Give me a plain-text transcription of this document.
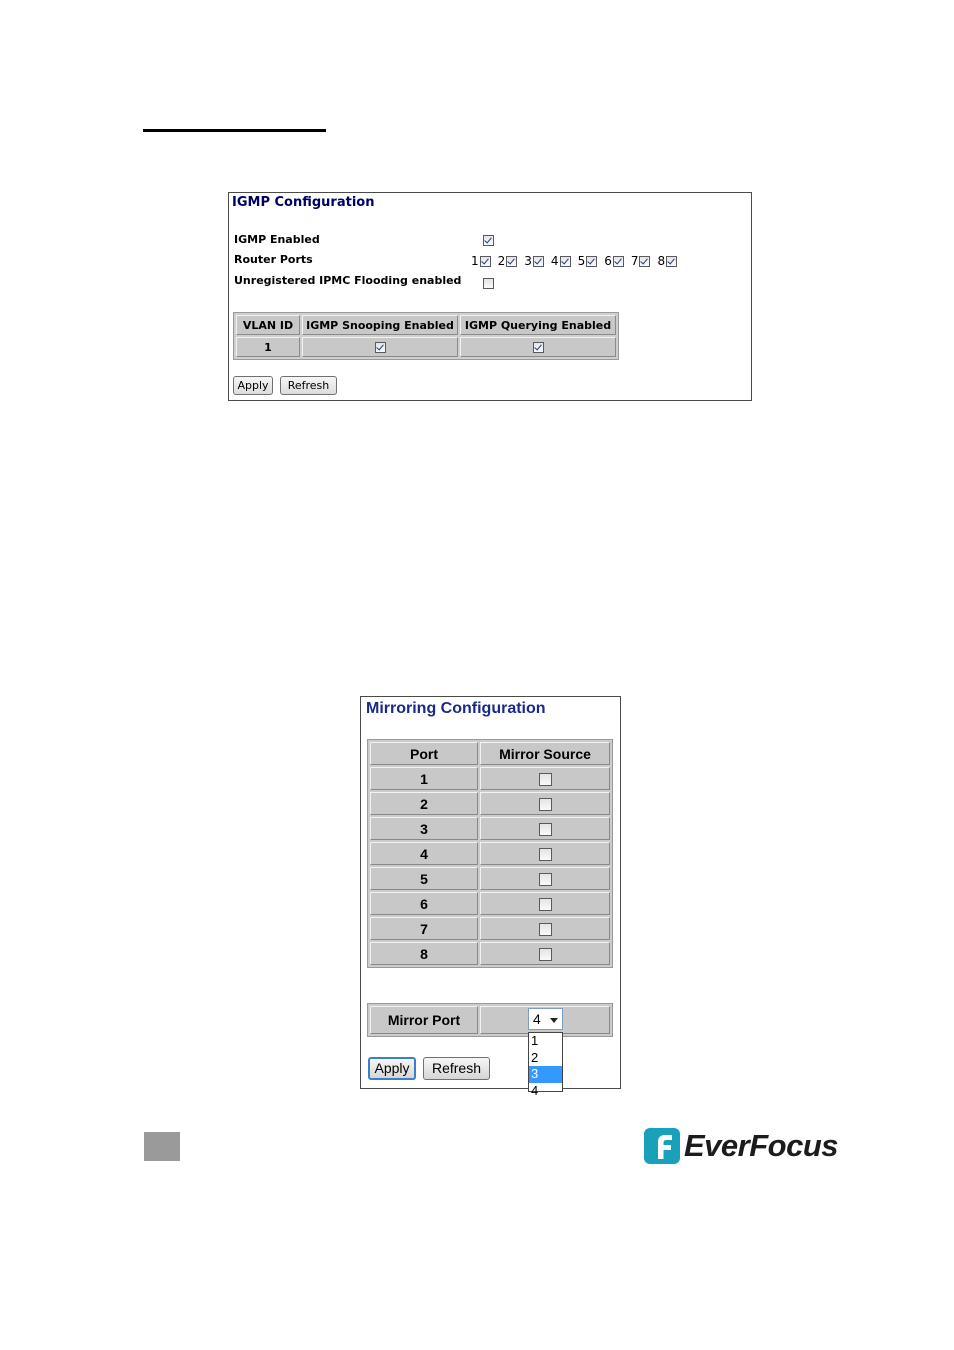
IGMP Configuration
IGMP Enabled
Router Ports	1 2 3 4 5 6 7 8
Unregistered IPMC Flooding enabled
VLAN ID	IGMP Snooping Enabled	IGMP Querying Enabled
1		
Apply	Refresh
Mirroring Configuration
Port	Mirror Source
1	
2	
3	
4	
5	
6	
7	
8	
Mirror Port		4
1
2
3
4
Apply	Refresh
EverFocus
